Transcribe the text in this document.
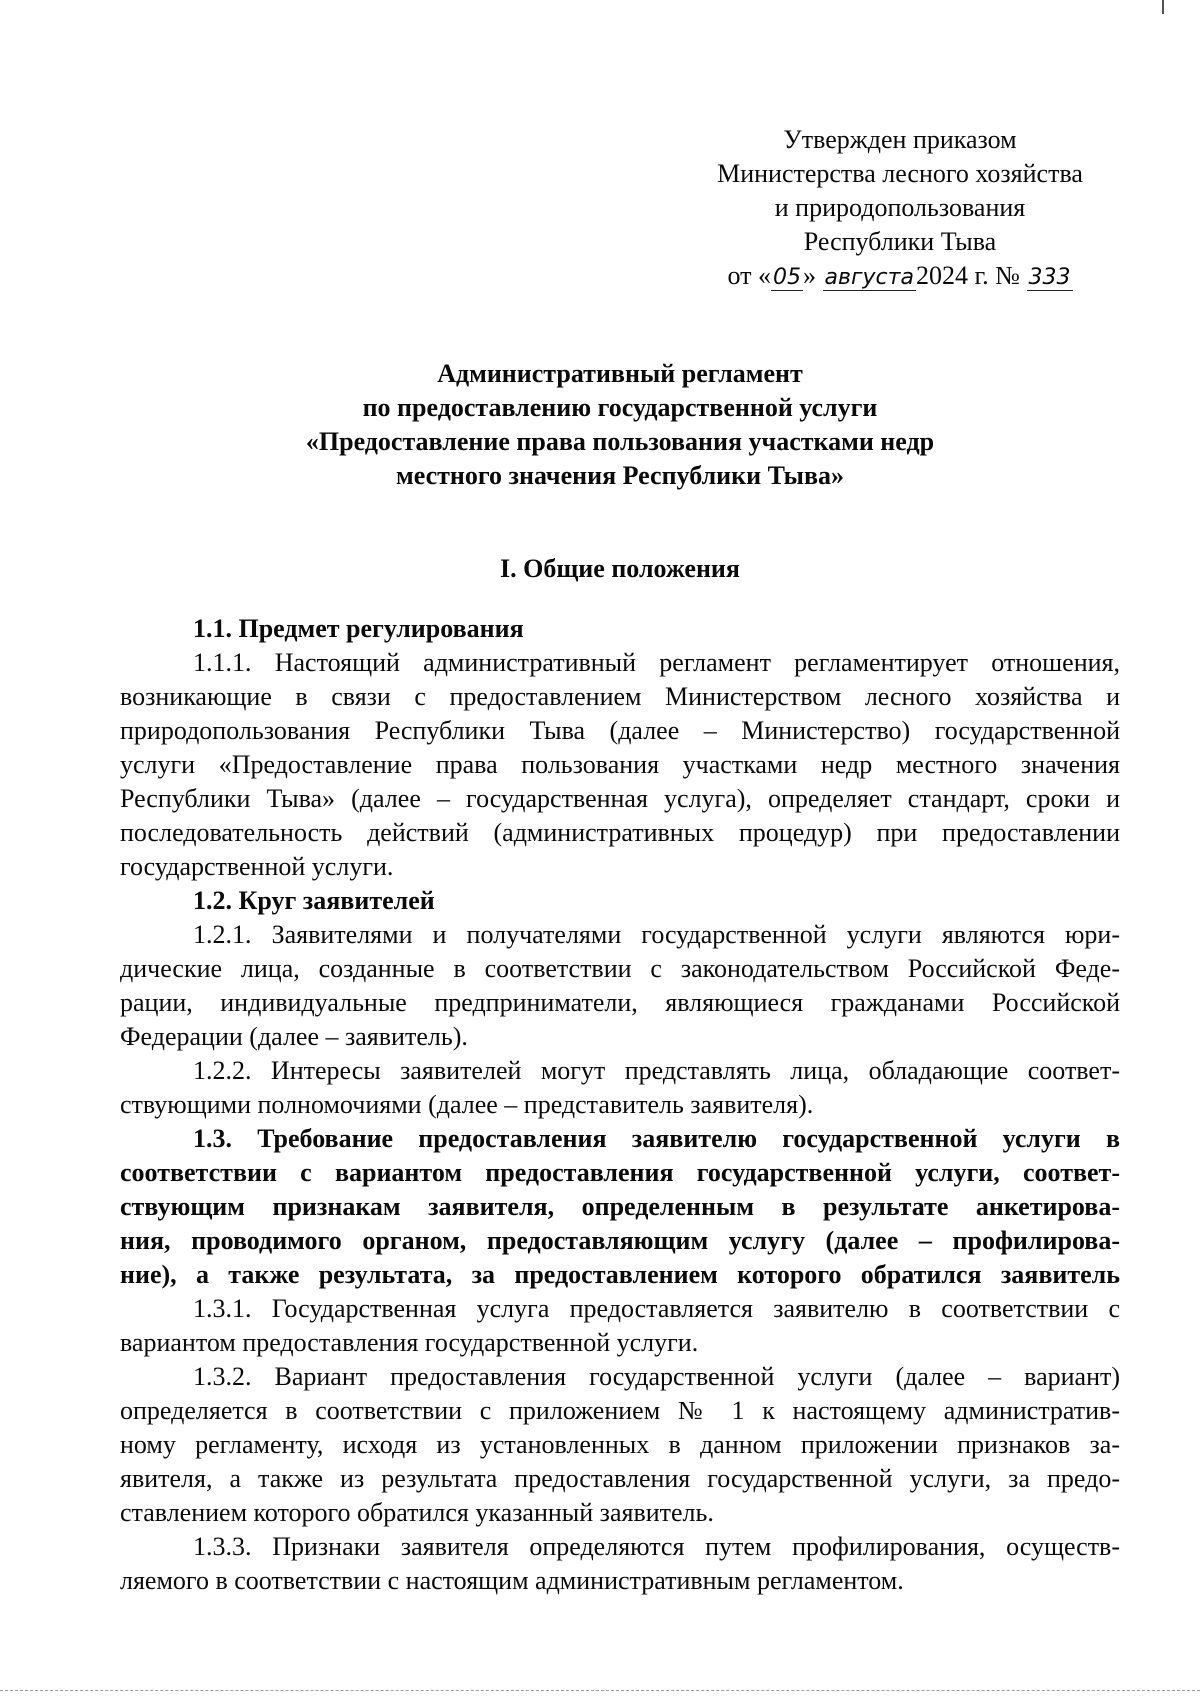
Утвержден приказом
Министерства лесного хозяйства
и природопользования
Республики Тыва
от «05» августа2024 г. № 333
Административный регламент
по предоставлению государственной услуги
«Предоставление права пользования участками недр
местного значения Республики Тыва»
I. Общие положения
1.1. Предмет регулирования
1.1.1. Настоящий административный регламент регламентирует отношения,
возникающие в связи с предоставлением Министерством лесного хозяйства и
природопользования Республики Тыва (далее – Министерство) государственной
услуги «Предоставление права пользования участками недр местного значения
Республики Тыва» (далее – государственная услуга), определяет стандарт, сроки и
последовательность действий (административных процедур) при предоставлении
государственной услуги.
1.2. Круг заявителей
1.2.1. Заявителями и получателями государственной услуги являются юри-
дические лица, созданные в соответствии с законодательством Российской Феде-
рации, индивидуальные предприниматели, являющиеся гражданами Российской
Федерации (далее – заявитель).
1.2.2. Интересы заявителей могут представлять лица, обладающие соответ-
ствующими полномочиями (далее – представитель заявителя).
1.3. Требование предоставления заявителю государственной услуги в
соответствии с вариантом предоставления государственной услуги, соответ-
ствующим признакам заявителя, определенным в результате анкетирова-
ния, проводимого органом, предоставляющим услугу (далее – профилирова-
ние), а также результата, за предоставлением которого обратился заявитель
1.3.1. Государственная услуга предоставляется заявителю в соответствии с
вариантом предоставления государственной услуги.
1.3.2. Вариант предоставления государственной услуги (далее – вариант)
определяется в соответствии с приложением № 1 к настоящему административ-
ному регламенту, исходя из установленных в данном приложении признаков за-
явителя, а также из результата предоставления государственной услуги, за предо-
ставлением которого обратился указанный заявитель.
1.3.3. Признаки заявителя определяются путем профилирования, осуществ-
ляемого в соответствии с настоящим административным регламентом.
